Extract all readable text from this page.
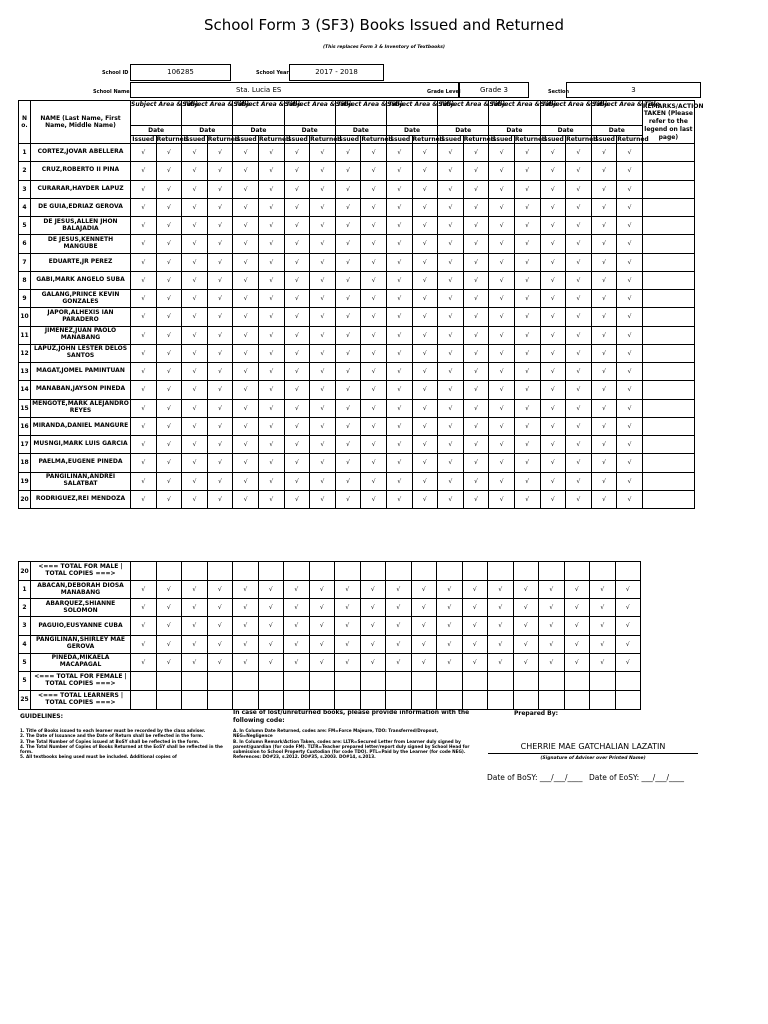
School Form 3 (SF3) Books Issued and Returned
(This replaces Form 3 & Inventory of Textbooks)
School ID	106285	School Year	2017 - 2018
School Name	Sta. Lucia ES	Grade Level	Grade 3	Section	3
N o.	NAME (Last Name, First Name, Middle Name)	Subject Area & Title		Subject Area & Title		Subject Area & Title		Subject Area & Title		Subject Area & Title		Subject Area & Title		Subject Area & Title		Subject Area & Title		Subject Area & Title		Subject Area & Title		REMARKS/ACTION TAKEN (Please refer to the legend on last page)
		Date		Date		Date		Date		Date		Date		Date		Date		Date		Date		
		Issued	Returned	Issued	Returned	Issued	Returned	Issued	Returned	Issued	Returned	Issued	Returned	Issued	Returned	Issued	Returned	Issued	Returned	Issued	Returned	
1	CORTEZ,JOVAR ABELLERA	√	√	√	√	√	√	√	√	√	√	√	√	√	√	√	√	√	√	√	√	
2	CRUZ,ROBERTO II PINA	√	√	√	√	√	√	√	√	√	√	√	√	√	√	√	√	√	√	√	√	
3	CURARAR,HAYDER LAPUZ	√	√	√	√	√	√	√	√	√	√	√	√	√	√	√	√	√	√	√	√	
4	DE GUIA,EDRIAZ GEROVA	√	√	√	√	√	√	√	√	√	√	√	√	√	√	√	√	√	√	√	√	
5	DE JESUS,ALLEN JHON BALAJADIA	√	√	√	√	√	√	√	√	√	√	√	√	√	√	√	√	√	√	√	√	
6	DE JESUS,KENNETH MANGUBE	√	√	√	√	√	√	√	√	√	√	√	√	√	√	√	√	√	√	√	√	
7	EDUARTE,JR PEREZ	√	√	√	√	√	√	√	√	√	√	√	√	√	√	√	√	√	√	√	√	
8	GABI,MARK ANGELO SUBA	√	√	√	√	√	√	√	√	√	√	√	√	√	√	√	√	√	√	√	√	
9	GALANG,PRINCE KEVIN GONZALES	√	√	√	√	√	√	√	√	√	√	√	√	√	√	√	√	√	√	√	√	
10	JAPOR,ALHEXIS IAN PARADERO	√	√	√	√	√	√	√	√	√	√	√	√	√	√	√	√	√	√	√	√	
11	JIMENEZ,JUAN PAOLO MANABANG	√	√	√	√	√	√	√	√	√	√	√	√	√	√	√	√	√	√	√	√	
12	LAPUZ,JOHN LESTER DELOS SANTOS	√	√	√	√	√	√	√	√	√	√	√	√	√	√	√	√	√	√	√	√	
13	MAGAT,JOMEL PAMINTUAN	√	√	√	√	√	√	√	√	√	√	√	√	√	√	√	√	√	√	√	√	
14	MANABAN,JAYSON PINEDA	√	√	√	√	√	√	√	√	√	√	√	√	√	√	√	√	√	√	√	√	
15	MENGOTE,MARK ALEJANDRO REYES	√	√	√	√	√	√	√	√	√	√	√	√	√	√	√	√	√	√	√	√	
16	MIRANDA,DANIEL MANGURE	√	√	√	√	√	√	√	√	√	√	√	√	√	√	√	√	√	√	√	√	
17	MUSNGI,MARK LUIS GARCIA	√	√	√	√	√	√	√	√	√	√	√	√	√	√	√	√	√	√	√	√	
18	PAELMA,EUGENE PINEDA	√	√	√	√	√	√	√	√	√	√	√	√	√	√	√	√	√	√	√	√	
19	PANGILINAN,ANDREI SALATBAT	√	√	√	√	√	√	√	√	√	√	√	√	√	√	√	√	√	√	√	√	
20	RODRIGUEZ,REI MENDOZA	√	√	√	√	√	√	√	√	√	√	√	√	√	√	√	√	√	√	√	√	
20	<=== TOTAL FOR MALE | TOTAL COPIES ===>																				
1	ABACAN,DEBORAH DIOSA MANABANG	√	√	√	√	√	√	√	√	√	√	√	√	√	√	√	√	√	√	√	√
2	ABARQUEZ,SHIANNE SOLOMON	√	√	√	√	√	√	√	√	√	√	√	√	√	√	√	√	√	√	√	√
3	PAGUIO,EUSYANNE CUBA	√	√	√	√	√	√	√	√	√	√	√	√	√	√	√	√	√	√	√	√
4	PANGILINAN,SHIRLEY MAE GEROVA	√	√	√	√	√	√	√	√	√	√	√	√	√	√	√	√	√	√	√	√
5	PINEDA,MIKAELA MACAPAGAL	√	√	√	√	√	√	√	√	√	√	√	√	√	√	√	√	√	√	√	√
5	<=== TOTAL FOR FEMALE | TOTAL COPIES ===>																				
25	<=== TOTAL LEARNERS | TOTAL COPIES ===>																				
GUIDELINES:
1. Title of Books issued to each learner must be recorded by the class adviser.
2. The Date of Issuance and the Date of Return shall be reflected in the form.
3. The Total Number of Copies issued at BoSY shall be reflected in the form.
4. The Total Number of Copies of Books Returned at the EoSY shall be reflected in the form.
5. All textbooks being used must be included. Additional copies of
In case of lost/unreturned books, please provide information with the following code:
A. In Column Date Returned, codes are: FM=Force Majeure, TDO: Transferred/Dropout, NEG=Negligence
B. In Column Remark/Action Taken, codes are: LLTR=Secured Letter from Learner duly signed by parent/guardian (for code FM). TLTR=Teacher prepared letter/report duly signed by School Head for submission to School Property Custodian (for code TDO). PTL=Paid by the Learner (for code NEG). References: DO#23, s.2012. DO#35, s.2003. DO#14, s.2013.
Prepared By:
CHERRIE MAE GATCHALIAN LAZATIN
(Signature of Adviser over Printed Name)
Date of BoSY: ___/___/____ Date of EoSY: ___/___/____
